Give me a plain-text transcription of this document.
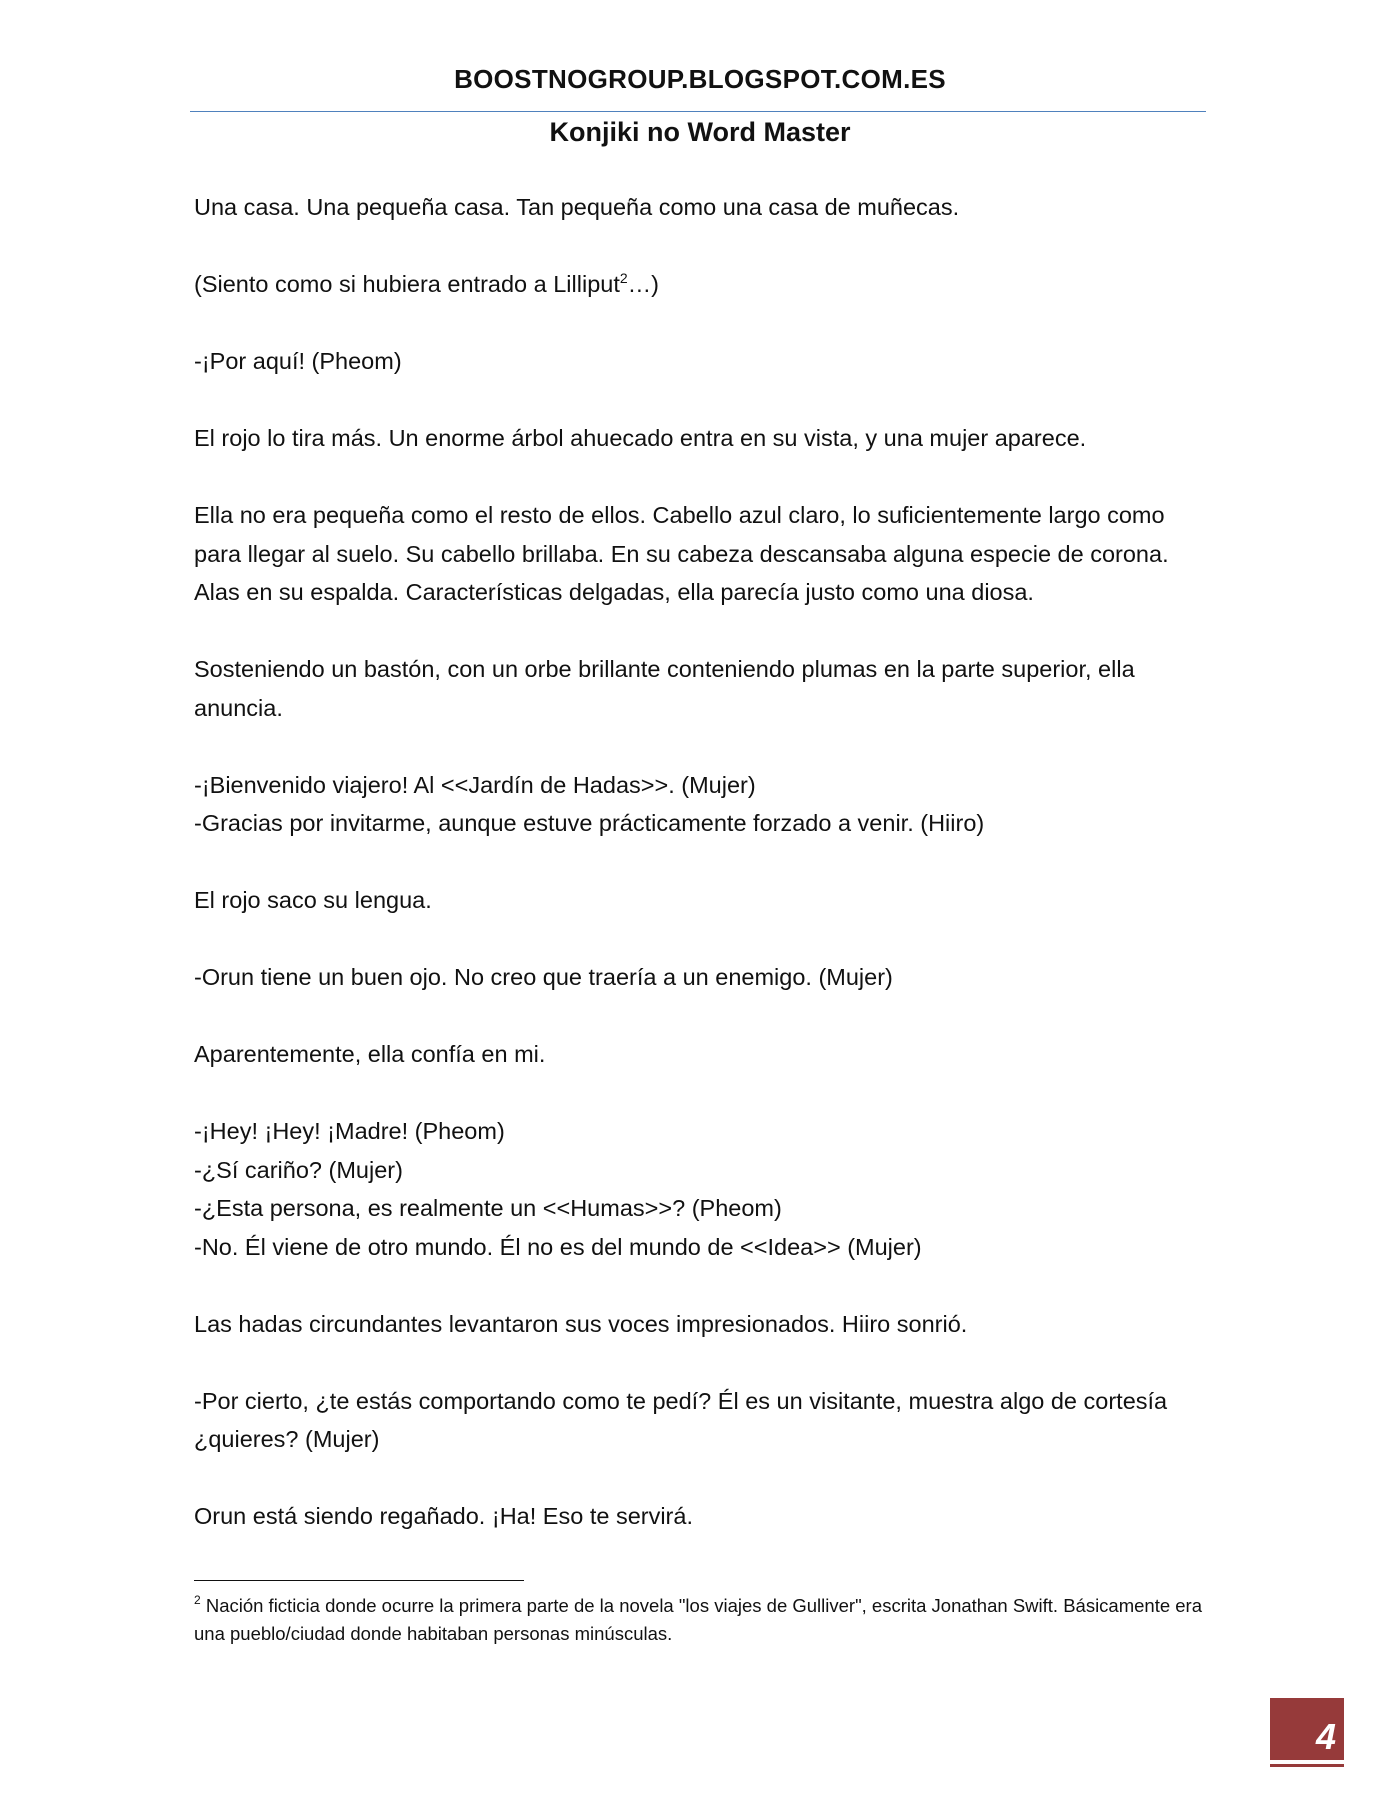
BOOSTNOGROUP.BLOGSPOT.COM.ES
Konjiki no Word Master

Una casa. Una pequeña casa. Tan pequeña como una casa de muñecas.

(Siento como si hubiera entrado a Lilliput$^2$…)

-¡Por aquí! (Pheom)

El rojo lo tira más. Un enorme árbol ahuecado entra en su vista, y una mujer aparece.

Ella no era pequeña como el resto de ellos. Cabello azul claro, lo suficientemente largo como para llegar al suelo. Su cabello brillaba. En su cabeza descansaba alguna especie de corona. Alas en su espalda. Características delgadas, ella parecía justo como una diosa.

Sosteniendo un bastón, con un orbe brillante conteniendo plumas en la parte superior, ella anuncia.

-¡Bienvenido viajero! Al <<Jardín de Hadas>>. (Mujer)

-Gracias por invitarme, aunque estuve prácticamente forzado a venir. (Hiiro)

El rojo saco su lengua.

-Orun tiene un buen ojo. No creo que traería a un enemigo. (Mujer)

Aparentemente, ella confía en mi.

-¡Hey! ¡Hey! ¡Madre! (Pheom)

-¿Sí cariño? (Mujer)

-¿Esta persona, es realmente un <<Humas>>? (Pheom)

-No. Él viene de otro mundo. Él no es del mundo de <<Idea>> (Mujer)

Las hadas circundantes levantaron sus voces impresionados. Hiiro sonrió.

-Por cierto, ¿te estás comportando como te pedí? Él es un visitante, muestra algo de cortesía ¿quieres? (Mujer)

Orun está siendo regañado. ¡Ha! Eso te servirá.

$^2$ Nación ficticia donde ocurre la primera parte de la novela "los viajes de Gulliver", escrita Jonathan Swift. Básicamente era una pueblo/ciudad donde habitaban personas minúsculas.

4
